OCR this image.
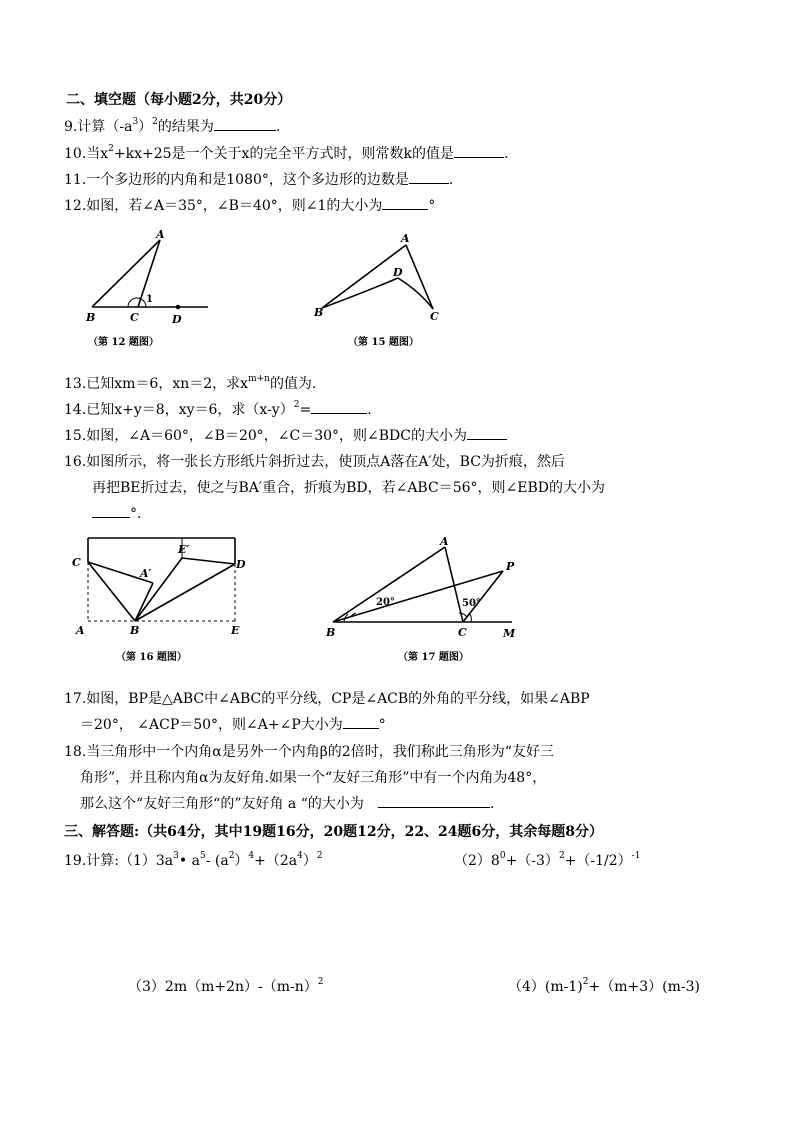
二、填空题（每小题2分，共20分）
9.计算$(-a^3)^2$的结果为	.
10.当$x^2+kx+25$是一个关于x的完全平方式时，则常数k的值是	.
11.一个多边形的内角和是1080°，这个多边形的边数是	.
12.如图，若∠A＝35°，∠B＝40°，则∠1的大小为	°
A
B	C	D
1
A
D
B	C
C
A′
E′
D
A	B	E
A
P
B	C	M
20°	50°
（第 12 题图）	（第 15 题图）
13.已知xm＝6，xn＝2，求$x^{m+n}$的值为.
14.已知x+y＝8，xy＝6，求$(x-y)^2=$	.
15.如图，∠A＝60°，∠B＝20°，∠C＝30°，则∠BDC的大小为
16.如图所示，将一张长方形纸片斜折过去，使顶点A落在A′处，BC为折痕，然后
再把BE折过去，使之与BA′重合，折痕为BD，若∠ABC＝56°，则∠EBD的大小为
°.
（第 16 题图）	（第 17 题图）
17.如图，BP是△ABC中∠ABC的平分线，CP是∠ACB的外角的平分线，如果∠ABP
＝20°， ∠ACP＝50°，则∠A+∠P大小为	°
18.当三角形中一个内角α是另外一个内角β的2倍时，我们称此三角形为“友好三
角形”，并且称内角α为友好角.如果一个“友好三角形”中有一个内角为48°，
那么这个“友好三角形“的”友好角 a “的大小为	.
三、解答题:（共64分，其中19题16分，20题12分，22、24题6分，其余每题8分）
19.计算$:(1)3a^3•$ $a^5-$ $(a^2)^4+(2a^4)^2$	$(2)8^0+(-3)^2+(-1/2)^{-1}$
$(3)2m(m+2n)-(m-n)^2$	$(4)(m-1)^2+(m+3)(m-3)$
